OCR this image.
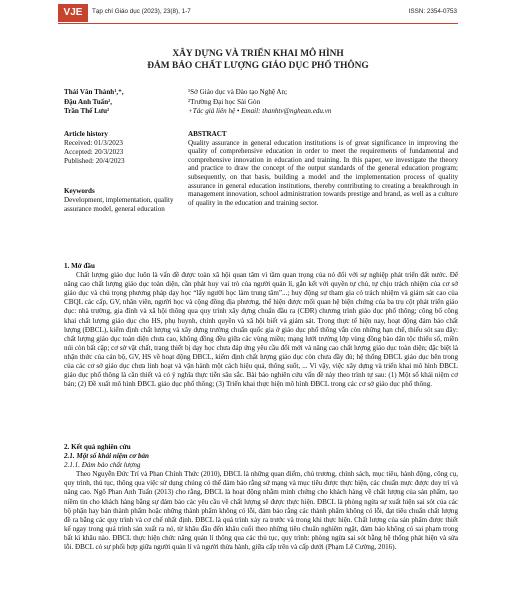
VJE	Tạp chí Giáo dục (2023), 23(8), 1-7	ISSN: 2354-0753
XÂY DỰNG VÀ TRIỂN KHAI MÔ HÌNH
ĐẢM BẢO CHẤT LƯỢNG GIÁO DỤC PHỔ THÔNG
Thái Văn Thành¹,⁺,
Đậu Anh Tuấn²,
Trần Thế Lưu²
¹Sở Giáo dục và Đào tạo Nghệ An;
²Trường Đại học Sài Gòn
+Tác giả liên hệ • Email: thanhtv@nghean.edu.vn
Article history
Received: 01/3/2023
Accepted: 20/3/2023
Published: 20/4/2023
Keywords
Development, implementation, quality assurance model, general education
ABSTRACT
Quality assurance in general education institutions is of great significance in improving the quality of comprehensive education in order to meet the requirements of fundamental and comprehensive innovation in education and training. In this paper, we investigate the theory and practice to draw the concept of the output standards of the general education program; subsequently, on that basis, building a model and the implementation process of quality assurance in general education institutions, thereby contributing to creating a breakthrough in management innovation, school administration towards prestige and brand, as well as a culture of quality in the education and training sector.
1. Mở đầu
Chất lượng giáo dục luôn là vấn đề được toàn xã hội quan tâm vì tầm quan trọng của nó đối với sự nghiệp phát triển đất nước. Để nâng cao chất lượng giáo dục toàn diện, cần phát huy vai trò của người quản lí, gắn kết với quyền tự chủ, tự chịu trách nhiệm của cơ sở giáo dục và chủ trọng phương pháp dạy học “lấy người học làm trung tâm”...; huy động sự tham gia có trách nhiệm và giám sát cao của CBQL các cấp, GV, nhân viên, người học và cộng đồng địa phương, thể hiện được mối quan hệ biện chứng của ba trụ cột phát triển giáo dục: nhà trường, gia đình và xã hội thông qua quy trình xây dựng chuẩn đầu ra (CĐR) chương trình giáo dục phổ thông; công bố công khai chất lượng giáo dục cho HS, phụ huynh, chính quyền và xã hội biết và giám sát. Trong thực tế hiện nay, hoạt động đảm bảo chất lượng (ĐBCL), kiểm định chất lượng và xây dựng trường chuẩn quốc gia ở giáo dục phổ thông vẫn còn những hạn chế, thiếu sót sau đây: chất lượng giáo dục toàn diện chưa cao, không đồng đều giữa các vùng miền; mạng lưới trường lớp vùng đồng bào dân tộc thiểu số, miền núi còn bất cập; cơ sở vật chất, trang thiết bị dạy học chưa đáp ứng yêu cầu đổi mới và nâng cao chất lượng giáo dục toàn diện; đặc biệt là nhận thức của cán bộ, GV, HS về hoạt động ĐBCL, kiểm định chất lượng giáo dục còn chưa đầy đủ; hệ thống ĐBCL giáo dục bên trong của các cơ sở giáo dục chưa linh hoạt và vận hành một cách hiệu quả, thông suốt, ... Vì vậy, việc xây dựng và triển khai mô hình ĐBCL giáo dục phổ thông là cần thiết và có ý nghĩa thực tiễn sâu sắc. Bài báo nghiên cứu vấn đề này theo trình tự sau: (1) Một số khái niệm cơ bản; (2) Đề xuất mô hình ĐBCL giáo dục phổ thông; (3) Triển khai thực hiện mô hình ĐBCL trong các cơ sở giáo dục phổ thông.
2. Kết quả nghiên cứu
2.1. Một số khái niệm cơ bản
2.1.1. Đảm bảo chất lượng
Theo Nguyễn Đức Trí và Phan Chính Thức (2010), ĐBCL là những quan điểm, chủ trương, chính sách, mục tiêu, hành động, công cụ, quy trình, thủ tục, thông qua việc sử dụng chúng có thể đảm bảo rằng sứ mạng và mục tiêu được thực hiện, các chuẩn mực được duy trì và nâng cao. Ngô Phan Anh Tuấn (2013) cho rằng, ĐBCL là hoạt động nhằm minh chứng cho khách hàng về chất lượng của sản phẩm, tạo niềm tin cho khách hàng bằng sự đảm bảo các yêu cầu về chất lượng sẽ được thực hiện. ĐBCL là phòng ngừa sự xuất hiện sai sót của các bộ phận hay bản thành phẩm hoặc những thành phẩm không có lỗi, đảm bảo rằng các thành phẩm không có lỗi, đạt tiêu chuẩn chất lượng đề ra bằng các quy trình và cơ chế nhất định. ĐBCL là quá trình xảy ra trước và trong khi thực hiện. Chất lượng của sản phẩm được thiết kế ngay trong quá trình sản xuất ra nó, từ khâu đầu đến khâu cuối theo những tiêu chuẩn nghiêm ngặt, đảm bảo không có sai phạm trong bất kì khâu nào. ĐBCL thực hiện chức năng quản lí thông qua các thủ tục, quy trình: phòng ngừa sai sót bằng hệ thống phát hiện và sửa lỗi. ĐBCL có sự phối hợp giữa người quản lí và người thừa hành, giữa cấp trên và cấp dưới (Phạm Lê Cường, 2016).
